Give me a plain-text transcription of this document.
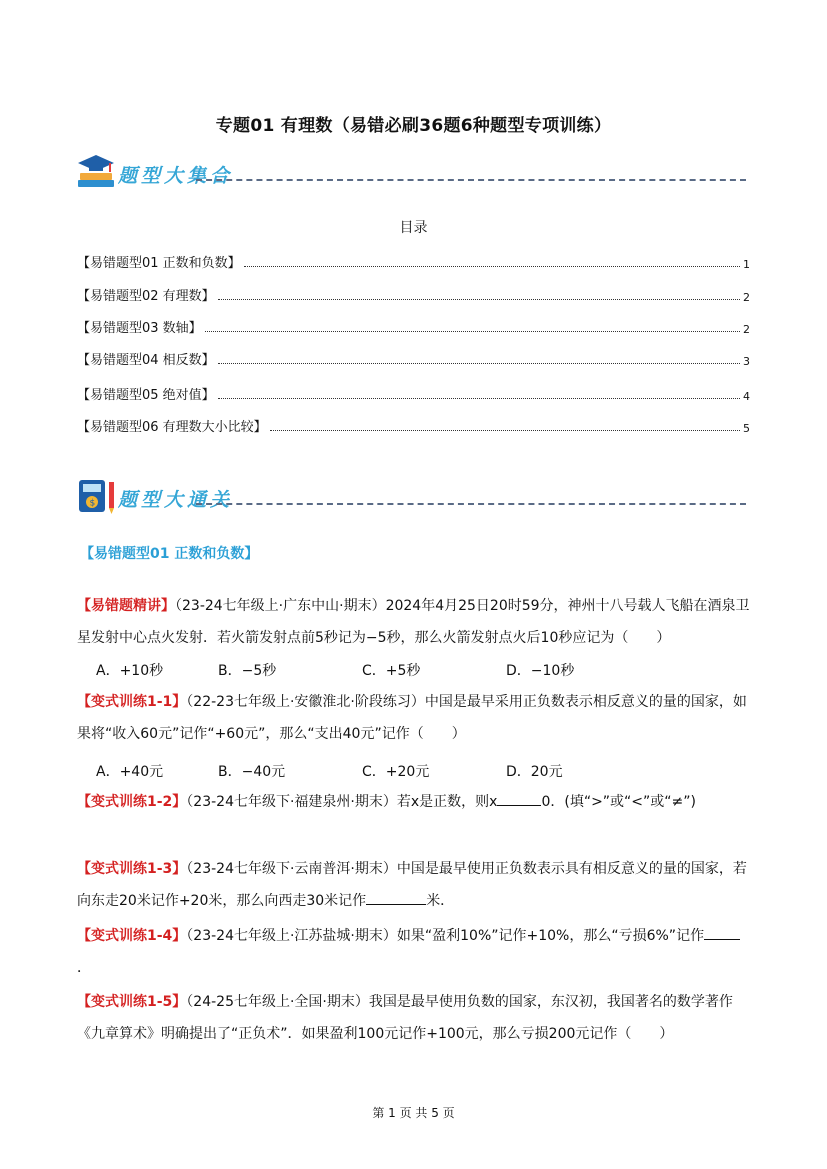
专题01 有理数（易错必刷36题6种题型专项训练）
题型大集合
目录
【易错题型01 正数和负数】	1
【易错题型02 有理数】	2
【易错题型03 数轴】	2
【易错题型04 相反数】	3
【易错题型05 绝对值】	4
【易错题型06 有理数大小比较】	5
$ 题型大通关
【易错题型01 正数和负数】
【易错题精讲】（23-24七年级上·广东中山·期末）2024年4月25日20时59分，神州十八号载人飞船在酒泉卫星发射中心点火发射．若火箭发射点前5秒记为−5秒，那么火箭发射点火后10秒应记为（　　）
A．+10秒	B．−5秒	C．+5秒	D．−10秒
【变式训练1-1】（22-23七年级上·安徽淮北·阶段练习）中国是最早采用正负数表示相反意义的量的国家，如果将“收入60元”记作“+60元”，那么“支出40元”记作（　　）
A．+40元	B．−40元	C．+20元	D．20元
【变式训练1-2】（23-24七年级下·福建泉州·期末）若x是正数，则x	0．(填“>”或“<”或“≠”)
【变式训练1-3】（23-24七年级下·云南普洱·期末）中国是最早使用正负数表示具有相反意义的量的国家，若向东走20米记作+20米，那么向西走30米记作	米．
【变式训练1-4】（23-24七年级上·江苏盐城·期末）如果“盈利10%”记作+10%，那么“亏损6%”记作．
【变式训练1-5】（24-25七年级上·全国·期末）我国是最早使用负数的国家，东汉初，我国著名的数学著作《九章算术》明确提出了“正负术”．如果盈利100元记作+100元，那么亏损200元记作（　　）
第 1 页 共 5 页
